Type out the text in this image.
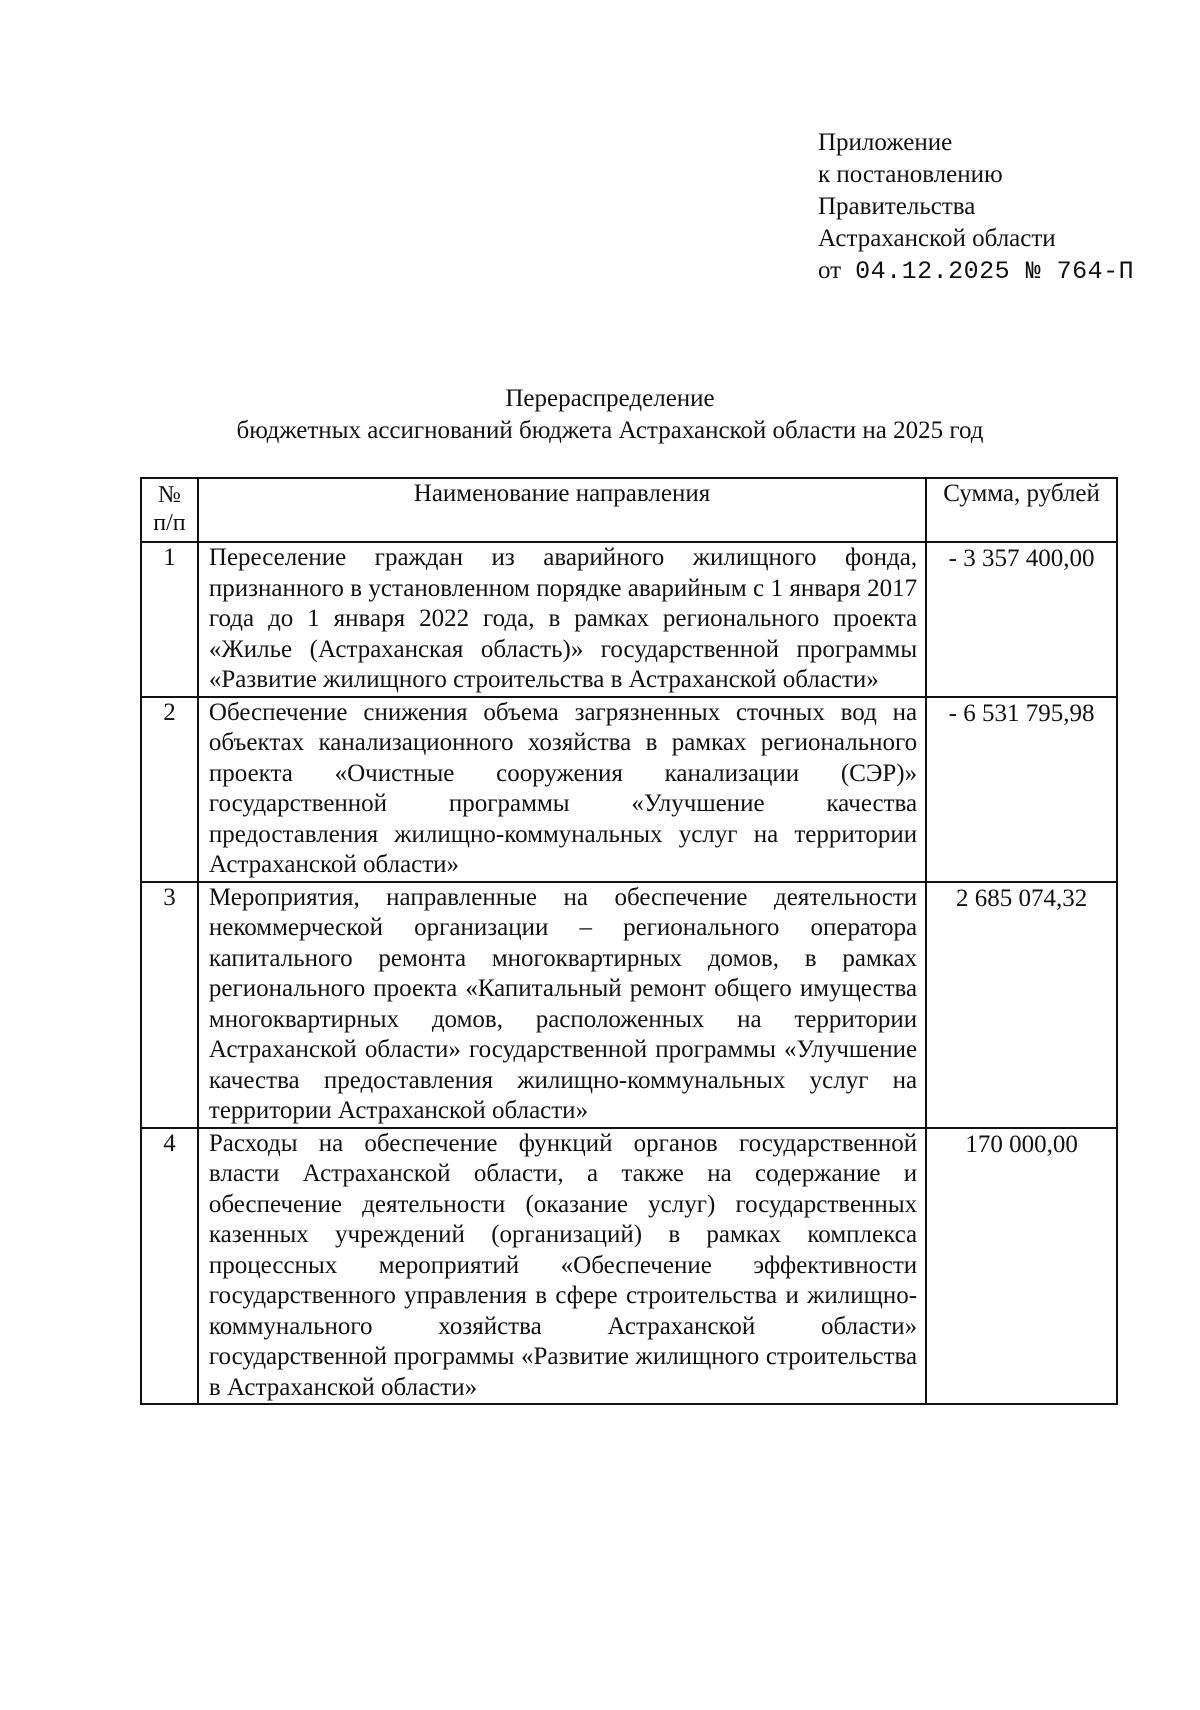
Приложение
к постановлению
Правительства
Астраханской области
от 04.12.2025 № 764-П
Перераспределение
бюджетных ассигнований бюджета Астраханской области на 2025 год
№
п/п	Наименование направления	Сумма, рублей
1	Переселение граждан из аварийного жилищного фонда, признанного в установленном порядке аварийным с 1 января 2017 года до 1 января 2022 года, в рамках регионального проекта «Жилье (Астраханская область)» государственной программы «Развитие жилищного строительства в Астраханской области»	- 3 357 400,00
2	Обеспечение снижения объема загрязненных сточных вод на объектах канализационного хозяйства в рамках регионального проекта «Очистные сооружения канализации (СЭР)» государственной программы «Улучшение качества предоставления жилищно-коммунальных услуг на территории Астраханской области»	- 6 531 795,98
3	Мероприятия, направленные на обеспечение деятельности некоммерческой организации – регионального оператора капитального ремонта многоквартирных домов, в рамках регионального проекта «Капитальный ремонт общего имущества многоквартирных домов, расположенных на территории Астраханской области» государственной программы «Улучшение качества предоставления жилищно-коммунальных услуг на территории Астраханской области»	2 685 074,32
4	Расходы на обеспечение функций органов государственной власти Астраханской области, а также на содержание и обеспечение деятельности (оказание услуг) государственных казенных учреждений (организаций) в рамках комплекса процессных мероприятий «Обеспечение эффективности государственного управления в сфере строительства и жилищно-коммунального хозяйства Астраханской области» государственной программы «Развитие жилищного строительства в Астраханской области»	170 000,00
